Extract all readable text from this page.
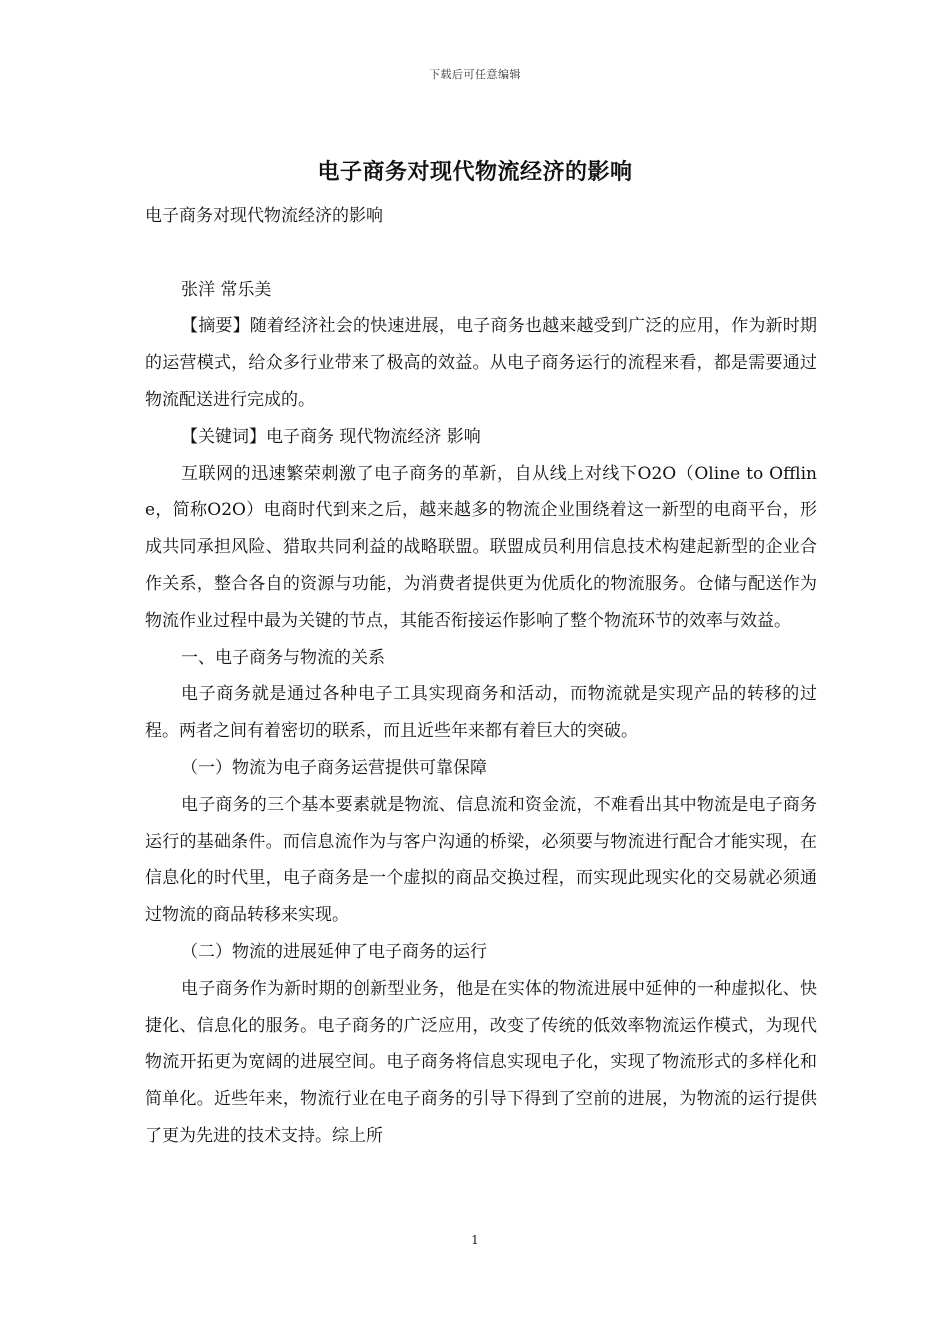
下载后可任意编辑
电子商务对现代物流经济的影响

电子商务对现代物流经济的影响

张洋 常乐美

【摘要】随着经济社会的快速进展，电子商务也越来越受到广泛的应用，作为新时期的运营模式，给众多行业带来了极高的效益。从电子商务运行的流程来看，都是需要通过物流配送进行完成的。

【关键词】电子商务 现代物流经济 影响

互联网的迅速繁荣刺激了电子商务的革新，自从线上对线下O2O（Oline to Offline，简称O2O）电商时代到来之后，越来越多的物流企业围绕着这一新型的电商平台，形成共同承担风险、猎取共同利益的战略联盟。联盟成员利用信息技术构建起新型的企业合作关系，整合各自的资源与功能，为消费者提供更为优质化的物流服务。仓储与配送作为物流作业过程中最为关键的节点，其能否衔接运作影响了整个物流环节的效率与效益。

一、电子商务与物流的关系

电子商务就是通过各种电子工具实现商务和活动，而物流就是实现产品的转移的过程。两者之间有着密切的联系，而且近些年来都有着巨大的突破。

（一）物流为电子商务运营提供可靠保障

电子商务的三个基本要素就是物流、信息流和资金流，不难看出其中物流是电子商务运行的基础条件。而信息流作为与客户沟通的桥梁，必须要与物流进行配合才能实现，在信息化的时代里，电子商务是一个虚拟的商品交换过程，而实现此现实化的交易就必须通过物流的商品转移来实现。

（二）物流的进展延伸了电子商务的运行

电子商务作为新时期的创新型业务，他是在实体的物流进展中延伸的一种虚拟化、快捷化、信息化的服务。电子商务的广泛应用，改变了传统的低效率物流运作模式，为现代物流开拓更为宽阔的进展空间。电子商务将信息实现电子化，实现了物流形式的多样化和简单化。近些年来，物流行业在电子商务的引导下得到了空前的进展，为物流的运行提供了更为先进的技术支持。综上所

1
